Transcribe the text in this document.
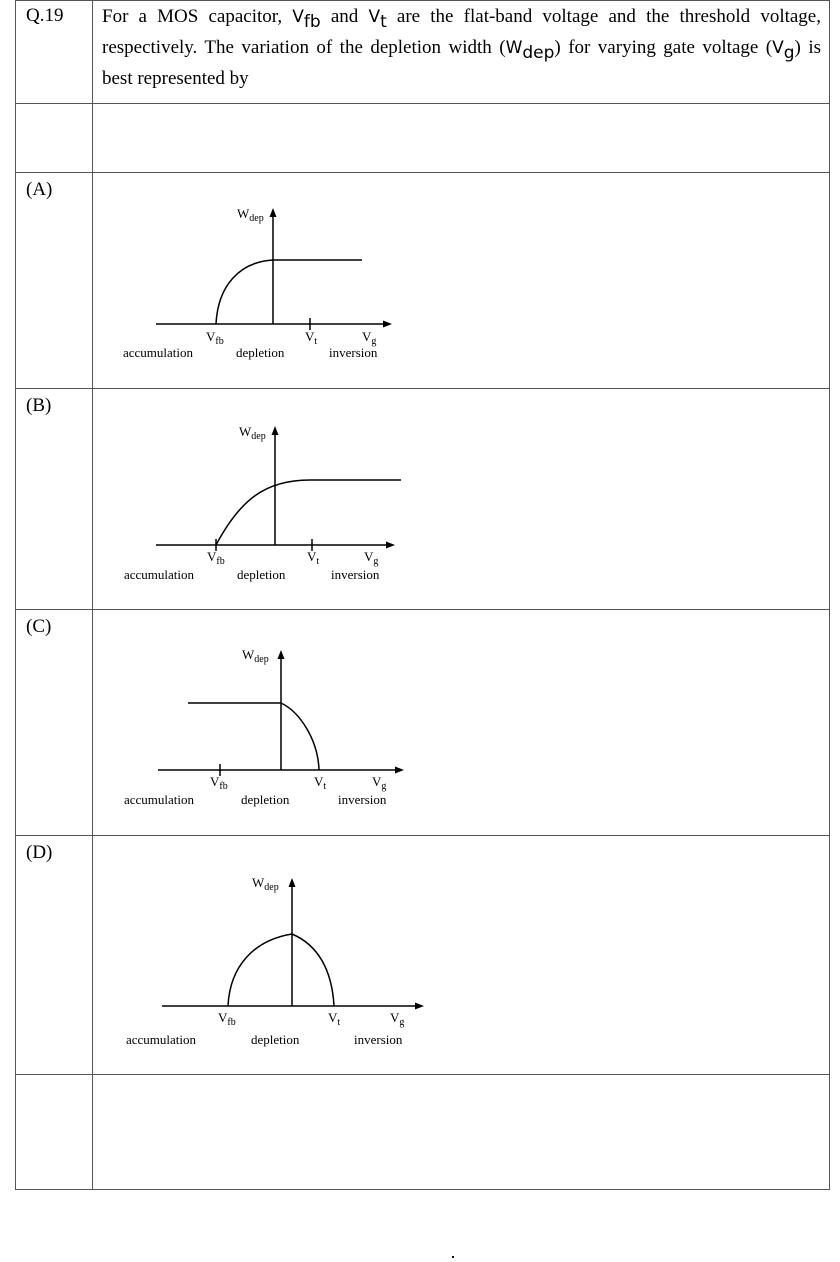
Q.19	For a MOS capacitor, $V_{fb}$ and $V_t$ are the flat-band voltage and the threshold voltage, respectively. The variation of the depletion width $(W_{dep})$ for varying gate voltage $(V_g)$ is best represented by

(A)	

(B)	

(C)	

(D)	

$W_{dep}$
$V_{fb}$	$V_t$	$V_g$
accumulation	depletion	inversion
$W_{dep}$
$V_{fb}$	$V_t$	$V_g$
accumulation	depletion	inversion
$W_{dep}$
$V_{fb}$	$V_t$	$V_g$
accumulation	depletion	inversion
$W_{dep}$
$V_{fb}$	$V_t$	$V_g$
accumulation	depletion	inversion
